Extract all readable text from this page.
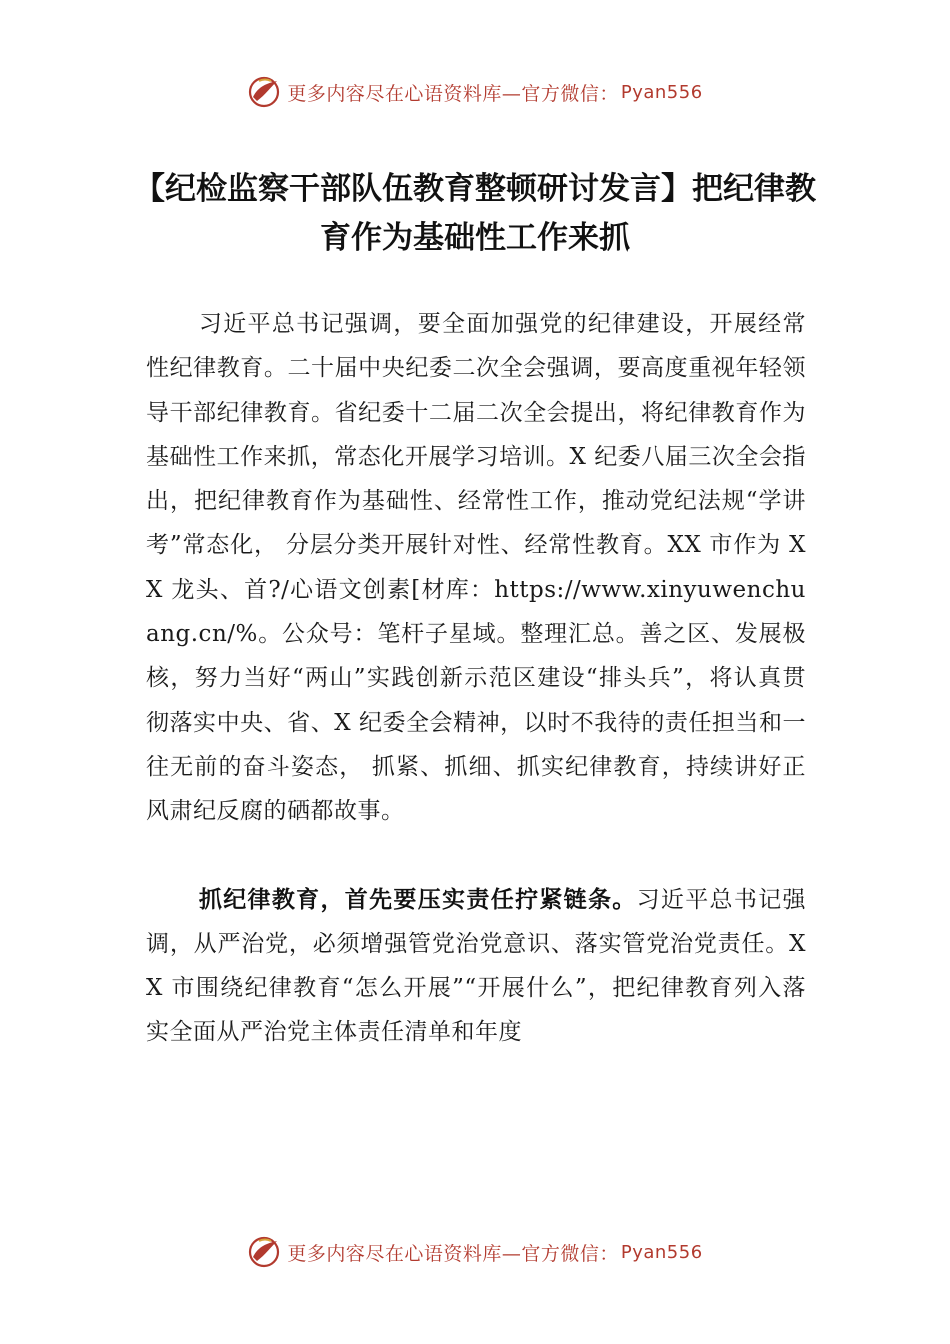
更多内容尽在心语资料库—官方微信： Pyan556
【纪检监察干部队伍教育整顿研讨发言】把纪律教育作为基础性工作来抓

习近平总书记强调，要全面加强党的纪律建设，开展经常性纪律教育。二十届中央纪委二次全会强调，要高度重视年轻领导干部纪律教育。省纪委十二届二次全会提出，将纪律教育作为基础性工作来抓，常态化开展学习培训。X 纪委八届三次全会指出，把纪律教育作为基础性、经常性工作，推动党纪法规“学讲考”常态化， 分层分类开展针对性、经常性教育。XX 市作为 XX 龙头、首?/心语文创素[材库：https://www.xinyuwenchuang.cn/%。公众号：笔杆子星域。整理汇总。善之区、发展极核，努力当好“两山”实践创新示范区建设“排头兵”，将认真贯彻落实中央、省、X 纪委全会精神，以时不我待的责任担当和一往无前的奋斗姿态， 抓紧、抓细、抓实纪律教育，持续讲好正风肃纪反腐的硒都故事。

抓纪律教育，首先要压实责任拧紧链条。习近平总书记强调，从严治党，必须增强管党治党意识、落实管党治党责任。XX 市围绕纪律教育“怎么开展”“开展什么”，把纪律教育列入落实全面从严治党主体责任清单和年度

更多内容尽在心语资料库—官方微信： Pyan556
